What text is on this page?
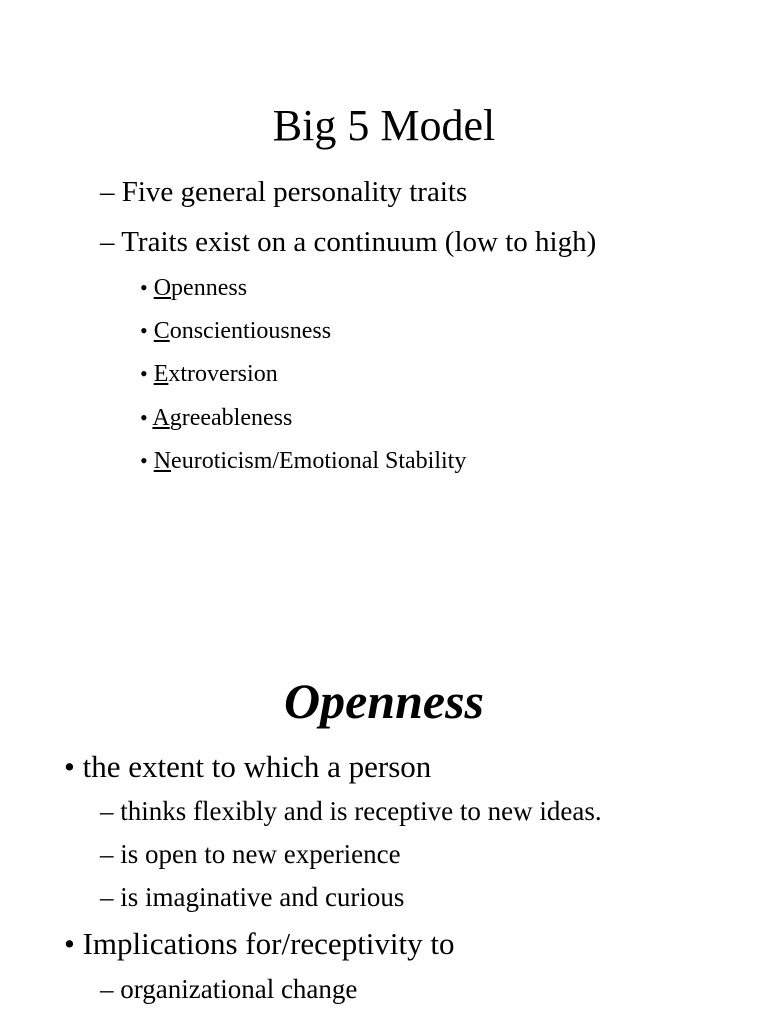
Big 5 Model
– Five general personality traits
– Traits exist on a continuum (low to high)
• Openness
• Conscientiousness
• Extroversion
• Agreeableness
• Neuroticism/Emotional Stability
Openness
• the extent to which a person
– thinks flexibly and is receptive to new ideas.
– is open to new experience
– is imaginative and curious
• Implications for/receptivity to
– organizational change
